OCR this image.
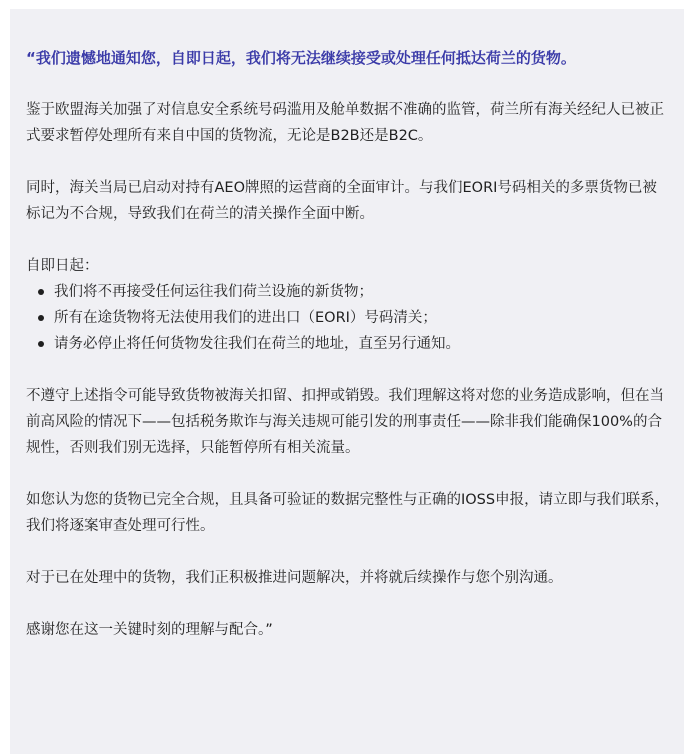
“我们遗憾地通知您，自即日起，我们将无法继续接受或处理任何抵达荷兰的货物。

鉴于欧盟海关加强了对信息安全系统号码滥用及舱单数据不准确的监管，荷兰所有海关经纪人已被正式要求暂停处理所有来自中国的货物流，无论是B2B还是B2C。

同时，海关当局已启动对持有AEO牌照的运营商的全面审计。与我们EORI号码相关的多票货物已被标记为不合规，导致我们在荷兰的清关操作全面中断。

自即日起：
我们将不再接受任何运往我们荷兰设施的新货物；
所有在途货物将无法使用我们的进出口（EORI）号码清关；
请务必停止将任何货物发往我们在荷兰的地址，直至另行通知。

不遵守上述指令可能导致货物被海关扣留、扣押或销毁。我们理解这将对您的业务造成影响，但在当前高风险的情况下——包括税务欺诈与海关违规可能引发的刑事责任——除非我们能确保100%的合规性，否则我们别无选择，只能暂停所有相关流量。

如您认为您的货物已完全合规，且具备可验证的数据完整性与正确的IOSS申报，请立即与我们联系，我们将逐案审查处理可行性。

对于已在处理中的货物，我们正积极推进问题解决，并将就后续操作与您个别沟通。

感谢您在这一关键时刻的理解与配合。”
